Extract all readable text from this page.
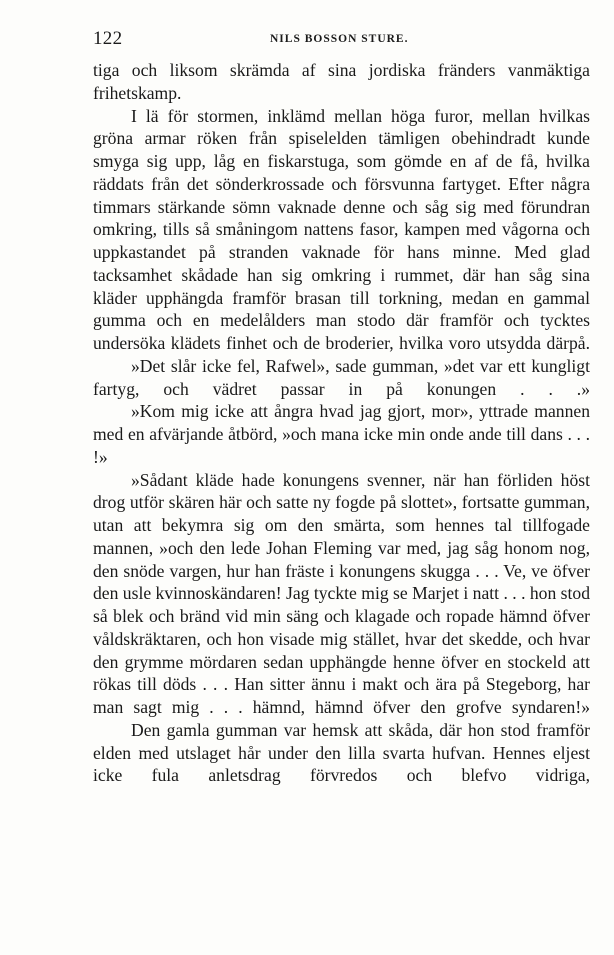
122	NILS BOSSON STURE.

tiga och liksom skrämda af sina jordiska fränders vanmäktiga frihetskamp.

I lä för stormen, inklämd mellan höga furor, mellan hvilkas gröna armar röken från spiselelden tämligen obehindradt kunde smyga sig upp, låg en fiskarstuga, som gömde en af de få, hvilka räddats från det sönderkrossade och försvunna fartyget. Efter några timmars stärkande sömn vaknade denne och såg sig med förundran omkring, tills så småningom nattens fasor, kampen med vågorna och uppkastandet på stranden vaknade för hans minne. Med glad tacksamhet skådade han sig omkring i rummet, där han såg sina kläder upphängda framför brasan till torkning, medan en gammal gumma och en medelålders man stodo där framför och tycktes undersöka klädets finhet och de broderier, hvilka voro utsydda därpå.

»Det slår icke fel, Rafwel», sade gumman, »det var ett kungligt fartyg, och vädret passar in på konungen . . .»

»Kom mig icke att ångra hvad jag gjort, mor», yttrade mannen med en afvärjande åtbörd, »och mana icke min onde ande till dans . . . !»

»Sådant kläde hade konungens svenner, när han förliden höst drog utför skären här och satte ny fogde på slottet», fortsatte gumman, utan att bekymra sig om den smärta, som hennes tal tillfogade mannen, »och den lede Johan Fleming var med, jag såg honom nog, den snöde vargen, hur han fräste i konungens skugga . . . Ve, ve öfver den usle kvinnoskändaren! Jag tyckte mig se Marjet i natt . . . hon stod så blek och bränd vid min säng och klagade och ropade hämnd öfver våldskräktaren, och hon visade mig stället, hvar det skedde, och hvar den grymme mördaren sedan upphängde henne öfver en stockeld att rökas till döds . . . Han sitter ännu i makt och ära på Stegeborg, har man sagt mig . . . hämnd, hämnd öfver den grofve syndaren!»

Den gamla gumman var hemsk att skåda, där hon stod framför elden med utslaget hår under den lilla svarta hufvan. Hennes eljest icke fula anletsdrag förvredos och blefvo vidriga,
